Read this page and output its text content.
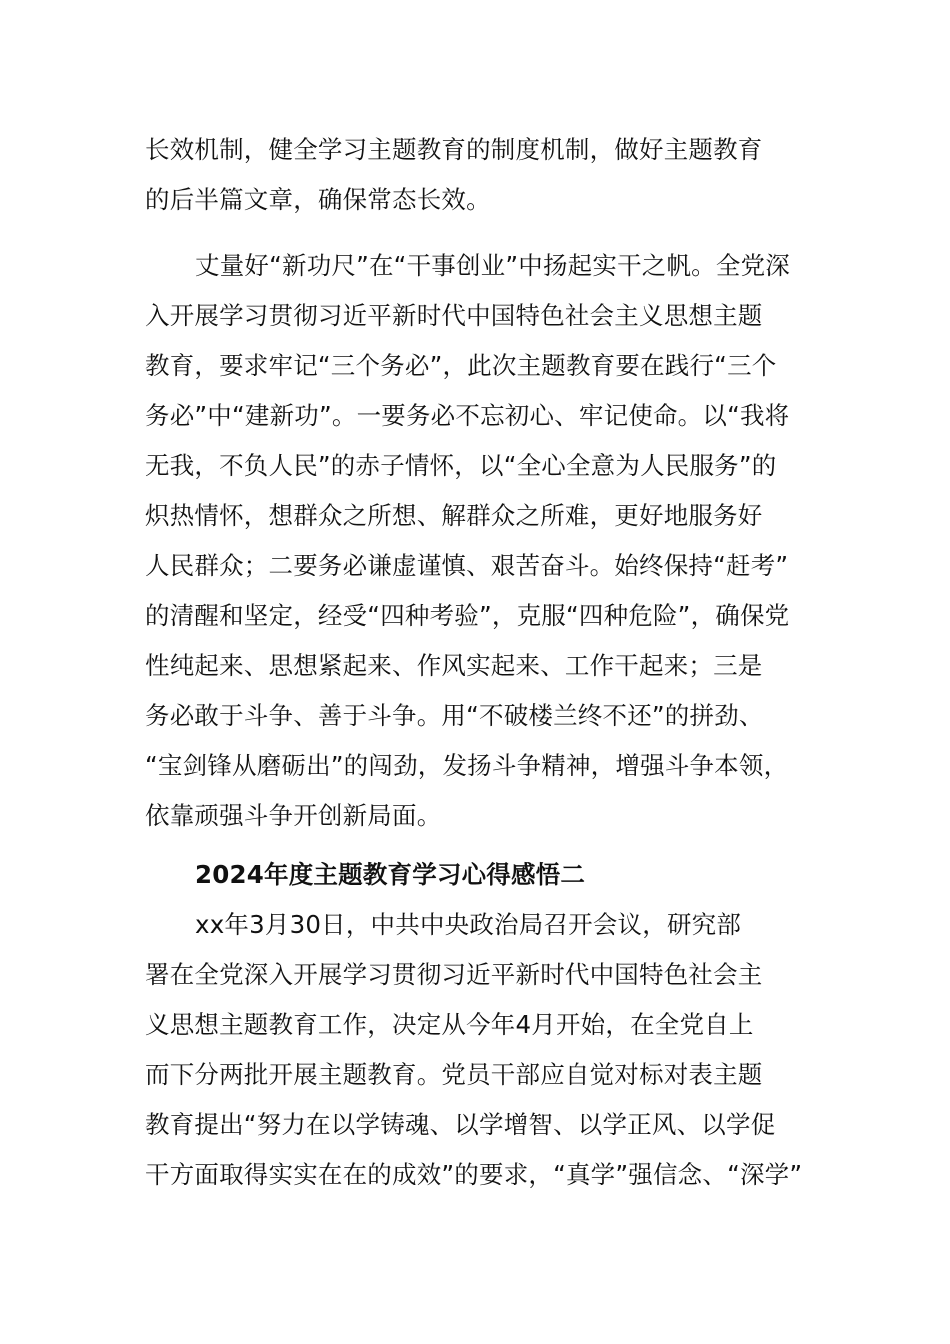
长效机制，健全学习主题教育的制度机制，做好主题教育
的后半篇文章，确保常态长效。
丈量好“新功尺”在“干事创业”中扬起实干之帆。全党深
入开展学习贯彻习近平新时代中国特色社会主义思想主题
教育，要求牢记“三个务必”，此次主题教育要在践行“三个
务必”中“建新功”。一要务必不忘初心、牢记使命。以“我将
无我，不负人民”的赤子情怀，以“全心全意为人民服务”的
炽热情怀，想群众之所想、解群众之所难，更好地服务好
人民群众；二要务必谦虚谨慎、艰苦奋斗。始终保持“赶考”
的清醒和坚定，经受“四种考验”，克服“四种危险”，确保党
性纯起来、思想紧起来、作风实起来、工作干起来；三是
务必敢于斗争、善于斗争。用“不破楼兰终不还”的拼劲、
“宝剑锋从磨砺出”的闯劲，发扬斗争精神，增强斗争本领，
依靠顽强斗争开创新局面。
2024年度主题教育学习心得感悟二
xx年3月30日，中共中央政治局召开会议，研究部
署在全党深入开展学习贯彻习近平新时代中国特色社会主
义思想主题教育工作，决定从今年4月开始，在全党自上
而下分两批开展主题教育。党员干部应自觉对标对表主题
教育提出“努力在以学铸魂、以学增智、以学正风、以学促
干方面取得实实在在的成效”的要求，“真学”强信念、“深学”
